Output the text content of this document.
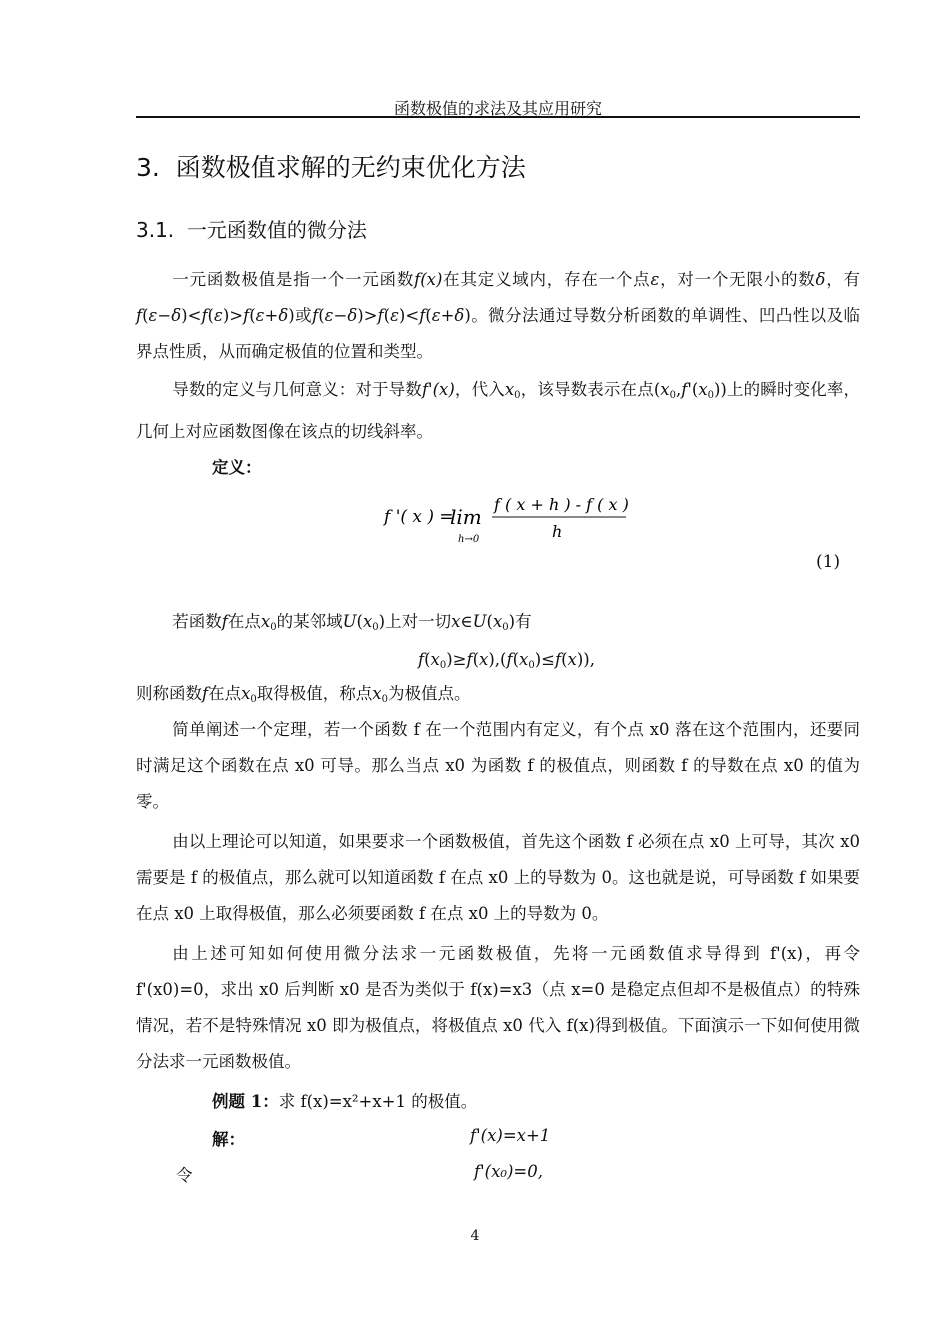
函数极值的求法及其应用研究
3. 函数极值求解的无约束优化方法
3.1. 一元函数值的微分法
一元函数极值是指一个一元函数f(x)在其定义域内，存在一个点ε，对一个无限小的数δ，有f(ε−δ)<f(ε)>f(ε+δ)或f(ε−δ)>f(ε)<f(ε+δ)。微分法通过导数分析函数的单调性、凹凸性以及临界点性质，从而确定极值的位置和类型。
导数的定义与几何意义：对于导数f'(x)，代入$x_0$，该导数表示在点$(x_0,f'(x_0))$上的瞬时变化率，几何上对应函数图像在该点的切线斜率。
定义：
f '( x ) =
lim
h→0
f ( x + h ) - f ( x )
h
(1)
若函数f在点$x_0$的某邻域$U(x_0)$上对一切$x\in U(x_0)$有
$f(x_0)\ge f(x),(f(x_0)\le f(x))$,
则称函数f在点$x_0$取得极值，称点$x_0$为极值点。
简单阐述一个定理，若一个函数 f 在一个范围内有定义，有个点 x0 落在这个范围内，还要同时满足这个函数在点 x0 可导。那么当点 x0 为函数 f 的极值点，则函数 f 的导数在点 x0 的值为零。
由以上理论可以知道，如果要求一个函数极值，首先这个函数 f 必须在点 x0 上可导，其次 x0 需要是 f 的极值点，那么就可以知道函数 f 在点 x0 上的导数为 0。这也就是说，可导函数 f 如果要在点 x0 上取得极值，那么必须要函数 f 在点 x0 上的导数为 0。
由上述可知如何使用微分法求一元函数极值，先将一元函数值求导得到 f'(x)，再令 f'(x0)=0，求出 x0 后判断 x0 是否为类似于 f(x)=x3（点 x=0 是稳定点但却不是极值点）的特殊情况，若不是特殊情况 x0 即为极值点，将极值点 x0 代入 f(x)得到极值。下面演示一下如何使用微分法求一元函数极值。
例题 1：求 f(x)=x²+x+1 的极值。
解：	f'(x)=x+1
令	f'(x₀)=0,
4
